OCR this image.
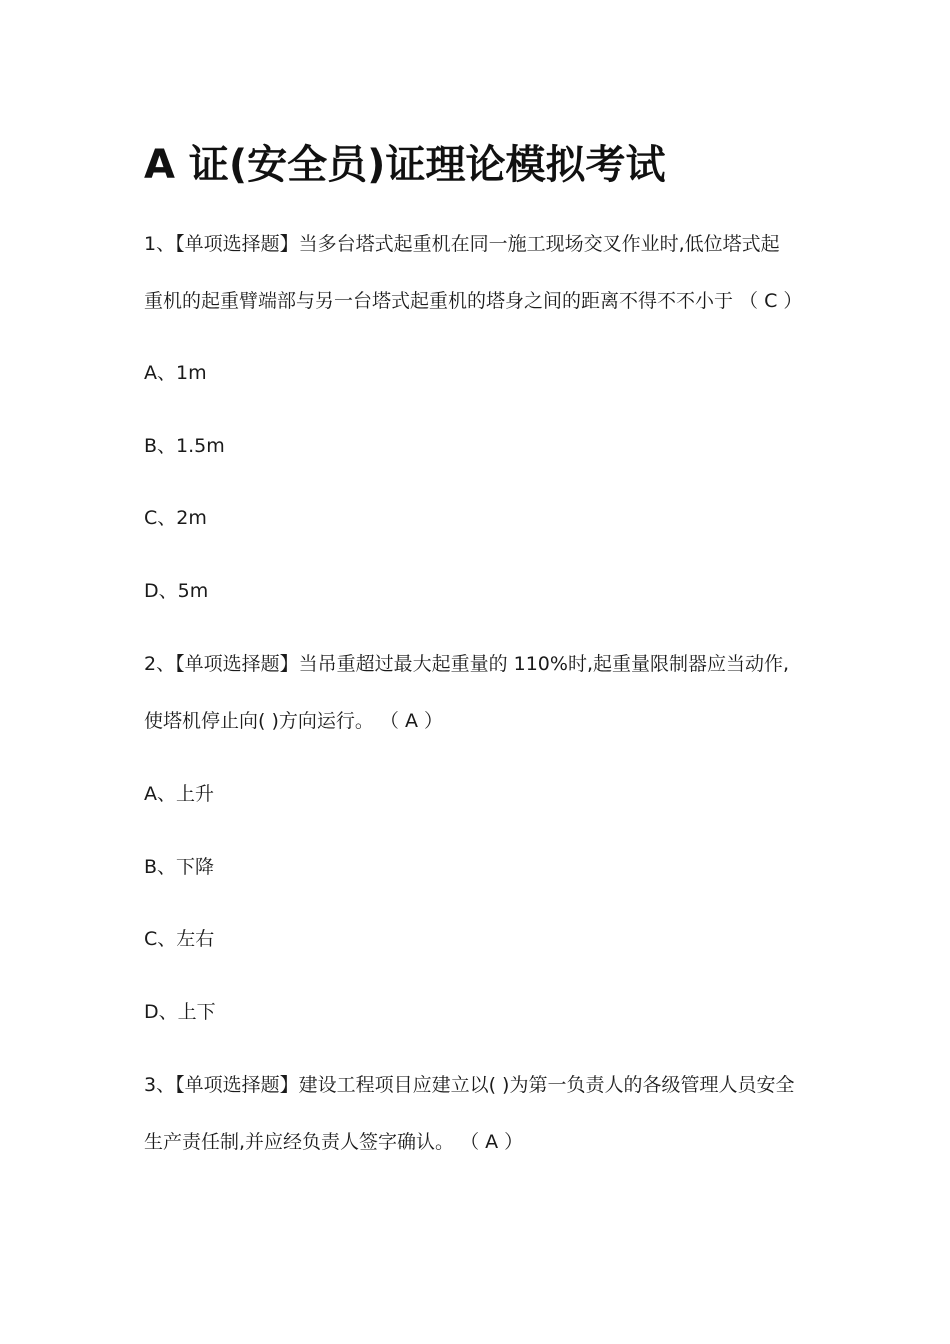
A 证(安全员)证理论模拟考试

1、【单项选择题】当多台塔式起重机在同一施工现场交叉作业时,低位塔式起

重机的起重臂端部与另一台塔式起重机的塔身之间的距离不得不不小于 （ C ）

A、1m

B、1.5m

C、2m

D、5m

2、【单项选择题】当吊重超过最大起重量的 110%时,起重量限制器应当动作,

使塔机停止向( )方向运行。 （ A ）

A、上升

B、下降

C、左右

D、上下

3、【单项选择题】建设工程项目应建立以( )为第一负责人的各级管理人员安全

生产责任制,并应经负责人签字确认。 （ A ）
